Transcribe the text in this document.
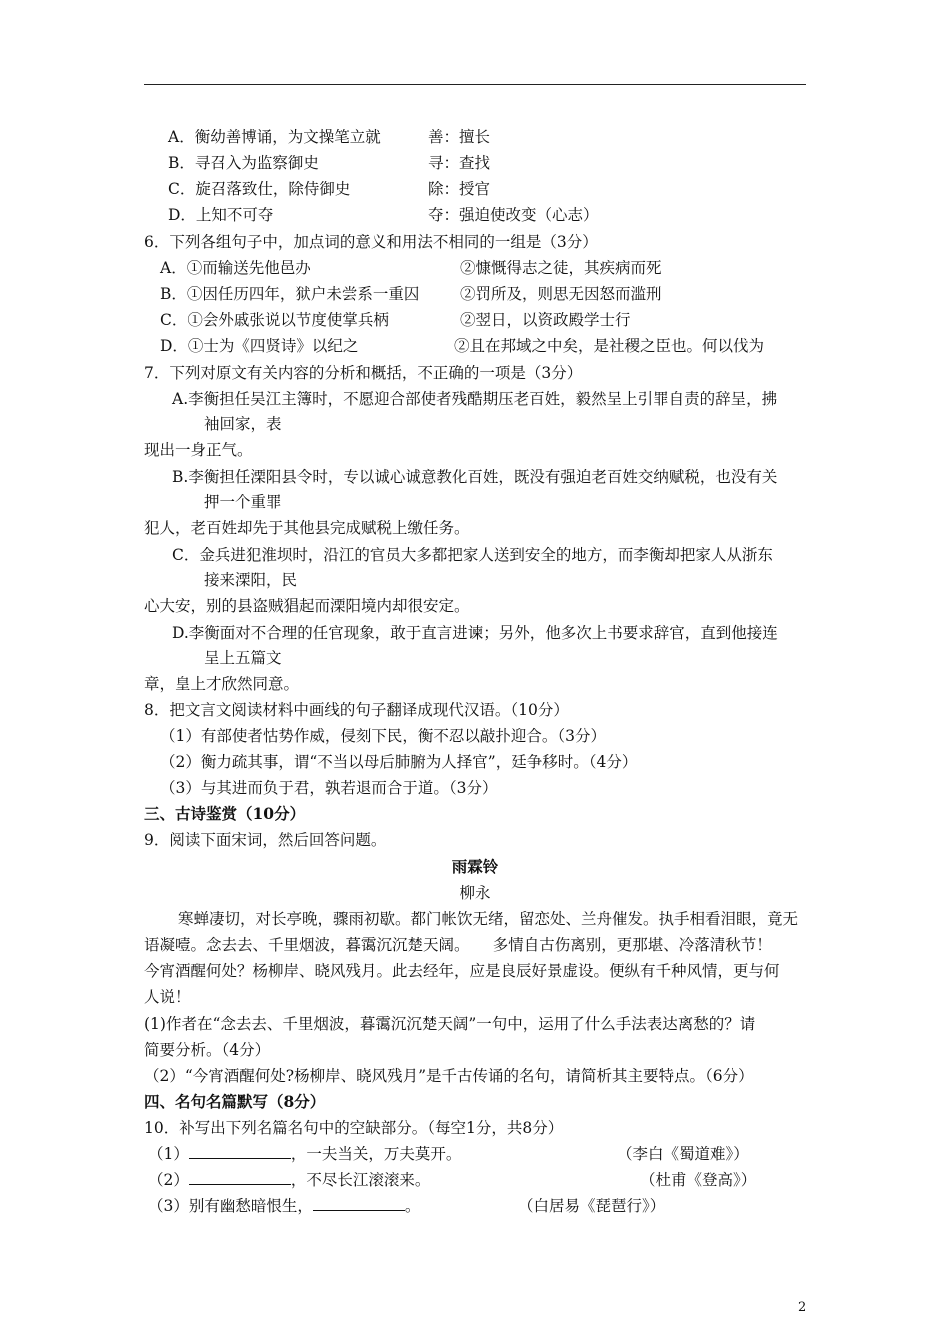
A．衡幼善博诵，为文操笔立就	善：擅长
B．寻召入为监察御史	寻：查找
C．旋召落致仕，除侍御史	除：授官
D．上知不可夺	夺：强迫使改变（心志）
6．下列各组句子中，加点词的意义和用法不相同的一组是（3分）
A．①而输送先他邑办	②慷慨得志之徒，其疾病而死
B．①因任历四年，狱户未尝系一重囚	②罚所及，则思无因怒而滥刑
C．①会外戚张说以节度使掌兵柄	②翌日，以资政殿学士行
D．①士为《四贤诗》以纪之	②且在邦域之中矣，是社稷之臣也。何以伐为
7．下列对原文有关内容的分析和概括，不正确的一项是（3分）
A.李衡担任吴江主簿时，不愿迎合部使者残酷期压老百姓，毅然呈上引罪自责的辞呈，拂
袖回家，表
现出一身正气。
B.李衡担任溧阳县令时，专以诚心诚意教化百姓，既没有强迫老百姓交纳赋税，也没有关
押一个重罪
犯人，老百姓却先于其他县完成赋税上缴任务。
C．金兵进犯淮坝时，沿江的官员大多都把家人送到安全的地方，而李衡却把家人从浙东
接来溧阳，民
心大安，别的县盗贼猖起而溧阳境内却很安定。
D.李衡面对不合理的任官现象，敢于直言进谏；另外，他多次上书要求辞官，直到他接连
呈上五篇文
章，皇上才欣然同意。
8．把文言文阅读材料中画线的句子翻译成现代汉语。（10分）
（1）有部使者怙势作威，侵刻下民，衡不忍以敲扑迎合。（3分）
（2）衡力疏其事，谓“不当以母后肺腑为人择官”，廷争移时。（4分）
（3）与其进而负于君，孰若退而合于道。（3分）
三、古诗鉴赏（10分）
9．阅读下面宋词，然后回答问题。
雨霖铃
柳永
寒蝉凄切，对长亭晚，骤雨初歇。都门帐饮无绪，留恋处、兰舟催发。执手相看泪眼，竟无
语凝噎。念去去、千里烟波，暮霭沉沉楚天阔。　　多情自古伤离别，更那堪、冷落清秋节！
今宵酒醒何处？杨柳岸、晓风残月。此去经年，应是良辰好景虚设。便纵有千种风情，更与何
人说！
(1)作者在“念去去、千里烟波，暮霭沉沉楚天阔”一句中，运用了什么手法表达离愁的？请
简要分析。（4分）
（2）“今宵酒醒何处?杨柳岸、晓风残月”是千古传诵的名句，请简析其主要特点。（6分）
四、名句名篇默写（8分）
10．补写出下列名篇名句中的空缺部分。（每空1分，共8分）
（1）	，一夫当关，万夫莫开。	（李白《蜀道难》）
（2）	，不尽长江滚滚来。	（杜甫《登高》）
（3）别有幽愁暗恨生，	。	（白居易《琵琶行》）
2
